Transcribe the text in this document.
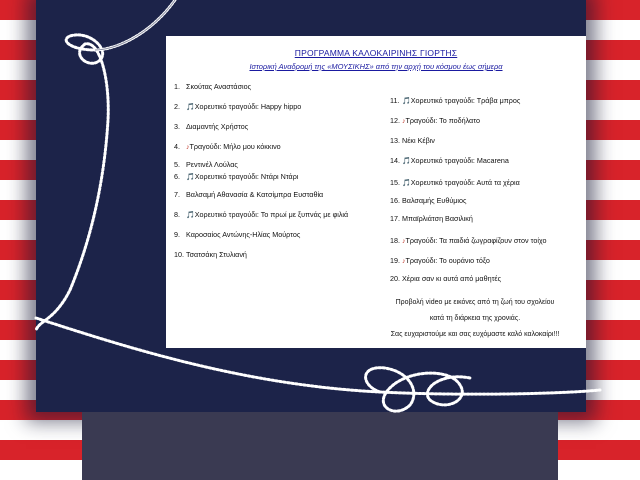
ΠΡΟΓΡΑΜΜΑ ΚΑΛΟΚΑΙΡΙΝΗΣ ΓΙΟΡΤΗΣ
Ιστορική Αναδρομή της «ΜΟΥΣΙΚΗΣ» από την αρχή του κόσμου έως σήμερα
1. Σκούτας Αναστάσιος
2. 🎵Χορευτικό τραγούδι: Happy hippo
3. Διαμαντής Χρήστος
4. ♪Τραγούδι: Μήλο μου κόκκινο
5. Ρεντινέλ Λούλας
6. 🎵Χορευτικό τραγούδι: Ντάρι Ντάρι
7. Βαλσαμή Αθανασία & Κατσίμπρα Ευσταθία
8. 🎵Χορευτικό τραγούδι: Το πρωί με ξυπνάς με φιλιά
9. Καροσαίος Αντώνης-Ηλίας Μούρτος
10. Τσατσάκη Στυλιανή
11. 🎵Χορευτικό τραγούδι: Τράβα μπρος
12. ♪Τραγούδι: Το ποδήλατο
13. Νέκι Κέβιν
14. 🎵Χορευτικό τραγούδι: Macarena
15. 🎵Χορευτικό τραγούδι: Αυτά τα χέρια
16. Βαλσαμής Ευθύμιος
17. Μπαϊρλιάτση Βασιλική
18. ♪Τραγούδι: Τα παιδιά ζωγραφίζουν στον τοίχο
19. ♪Τραγούδι: Το ουράνιο τόξο
20. Χέρια σαν κι αυτά από μαθητές
Προβολή video με εικόνες από τη ζωή του σχολείου
κατά τη διάρκεια της χρονιάς.
Σας ευχαριστούμε και σας ευχόμαστε καλό καλοκαίρι!!!
